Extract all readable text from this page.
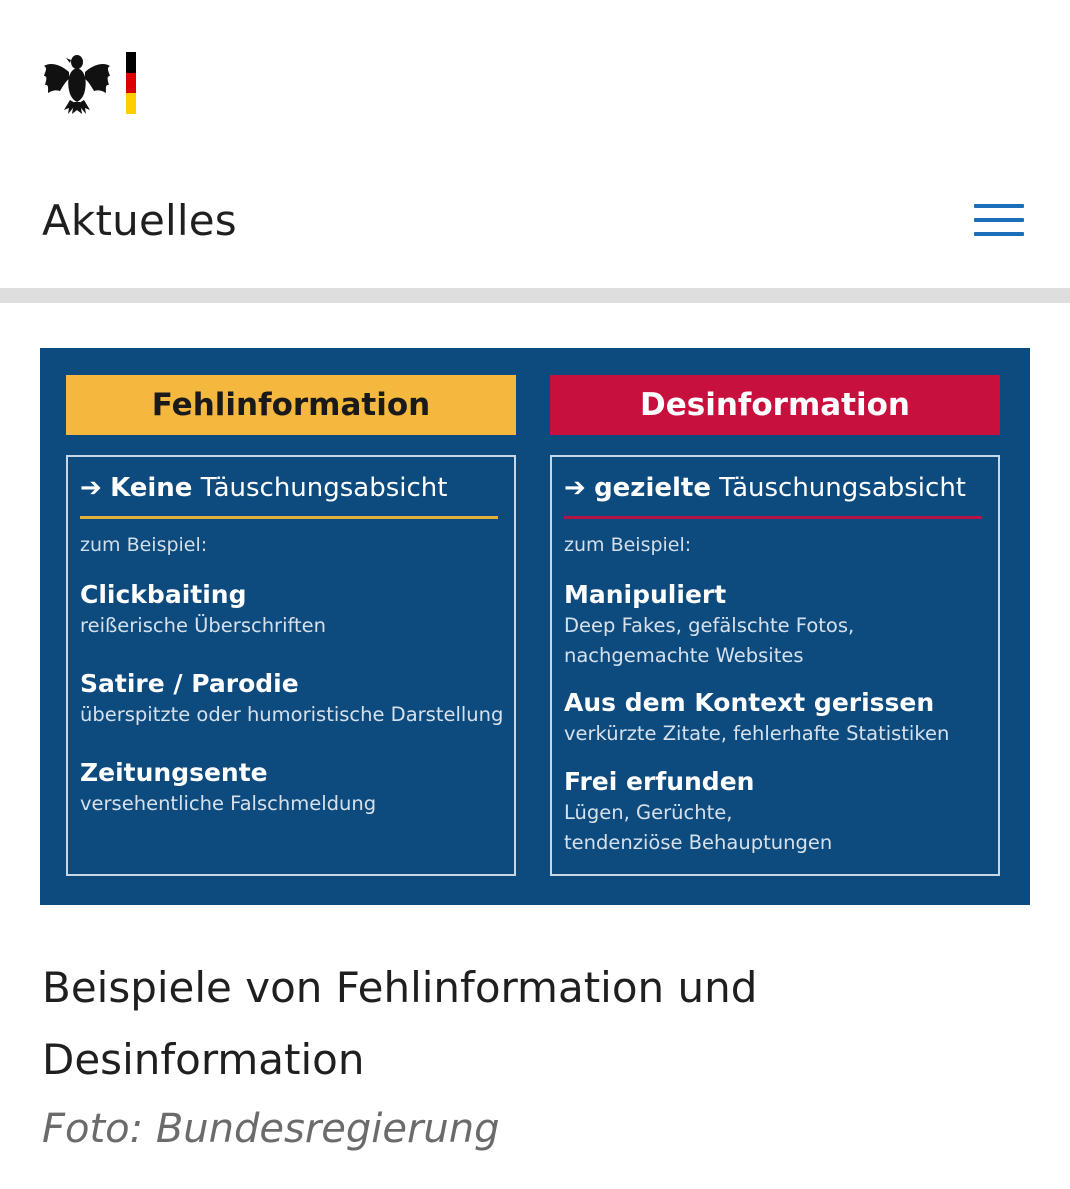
Aktuelles
Fehlinformation	Desinformation
➔ Keine Täuschungsabsicht
zum Beispiel:
Clickbaiting
reißerische Überschriften
Satire / Parodie
überspitzte oder humoristische Darstellung
Zeitungsente
versehentliche Falschmeldung
➔ gezielte Täuschungsabsicht
zum Beispiel:
Manipuliert
Deep Fakes, gefälschte Fotos,
nachgemachte Websites
Aus dem Kontext gerissen
verkürzte Zitate, fehlerhafte Statistiken
Frei erfunden
Lügen, Gerüchte,
tendenziöse Behauptungen
Beispiele von Fehlinformation und Desinformation
Foto: Bundesregierung
